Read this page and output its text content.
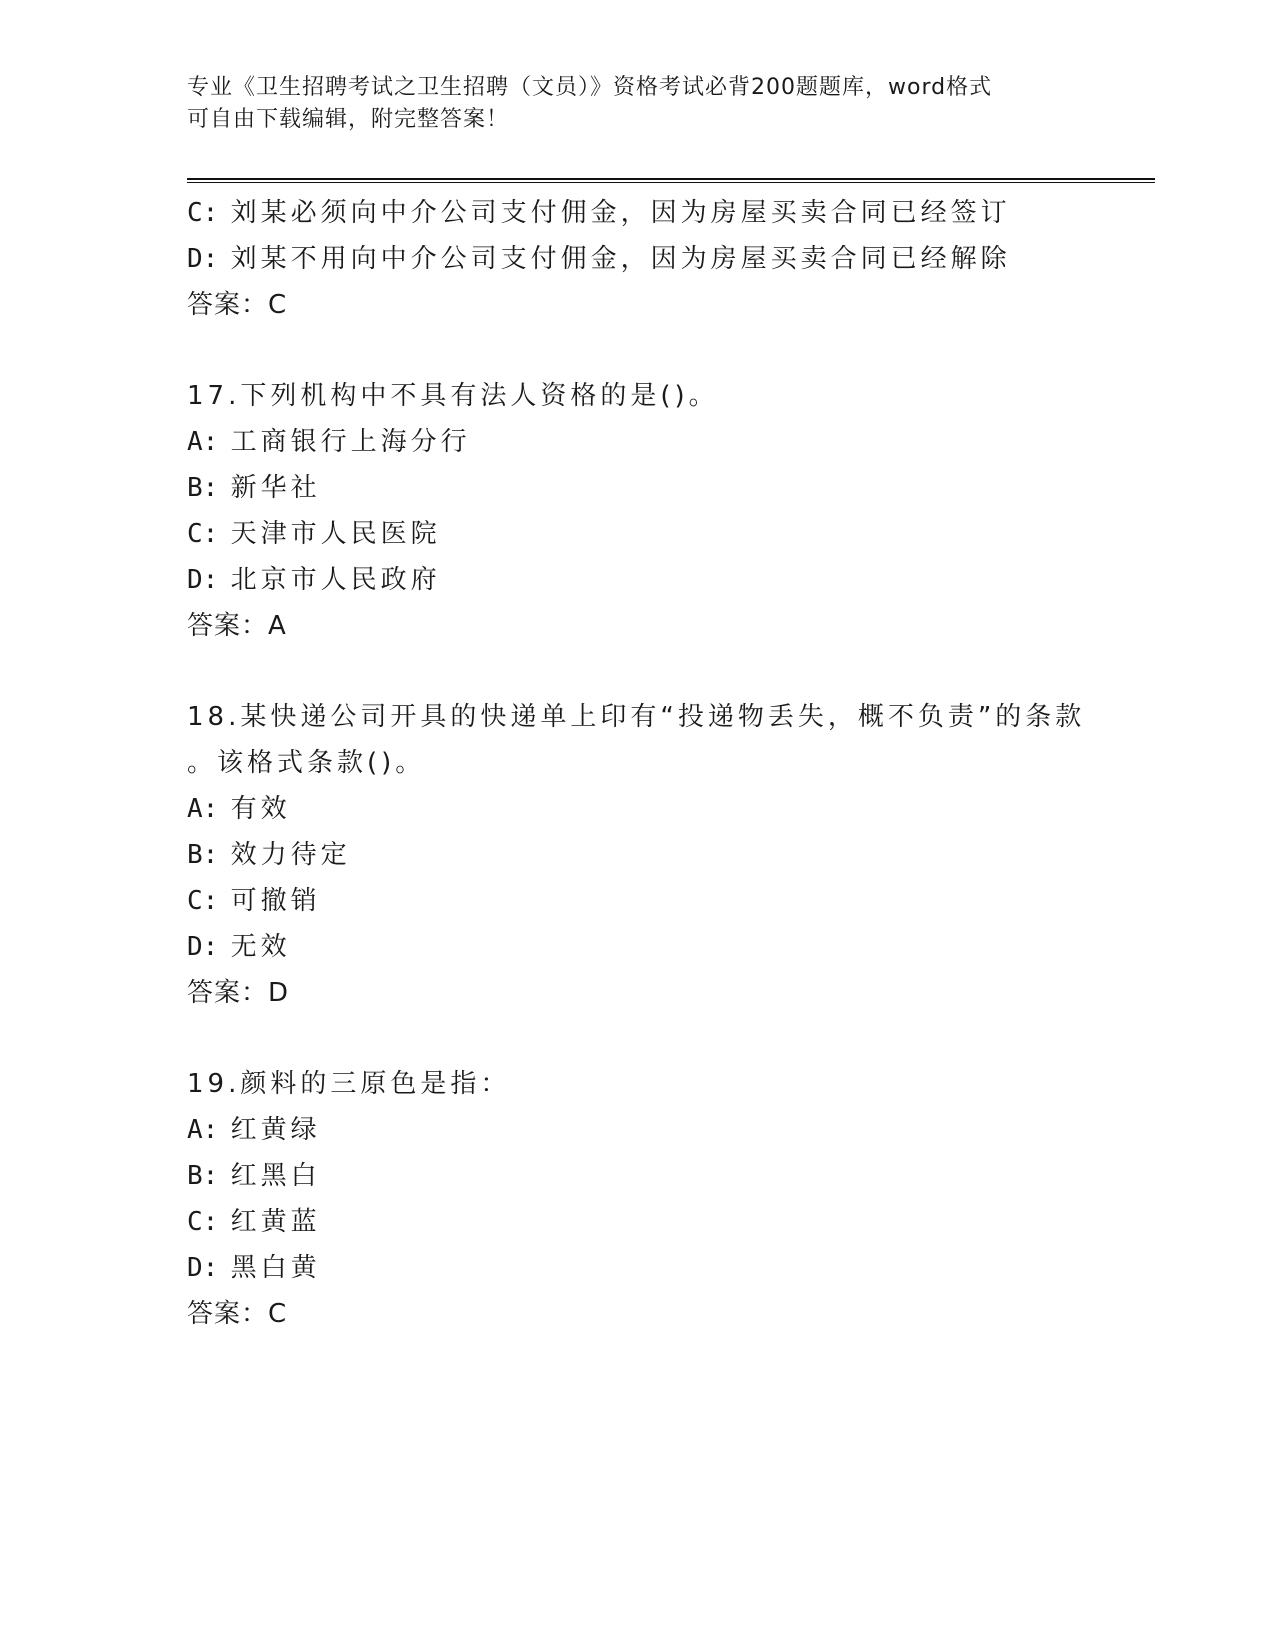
专业《卫生招聘考试之卫生招聘（文员）》资格考试必背200题题库，word格式
可自由下载编辑，附完整答案！
C: 刘某必须向中介公司支付佣金，因为房屋买卖合同已经签订
D: 刘某不用向中介公司支付佣金，因为房屋买卖合同已经解除
答案：C
17.下列机构中不具有法人资格的是()。
A: 工商银行上海分行
B: 新华社
C: 天津市人民医院
D: 北京市人民政府
答案：A
18.某快递公司开具的快递单上印有“投递物丢失，概不负责”的条款
。该格式条款()。
A: 有效
B: 效力待定
C: 可撤销
D: 无效
答案：D
19.颜料的三原色是指：
A: 红黄绿
B: 红黑白
C: 红黄蓝
D: 黑白黄
答案：C
